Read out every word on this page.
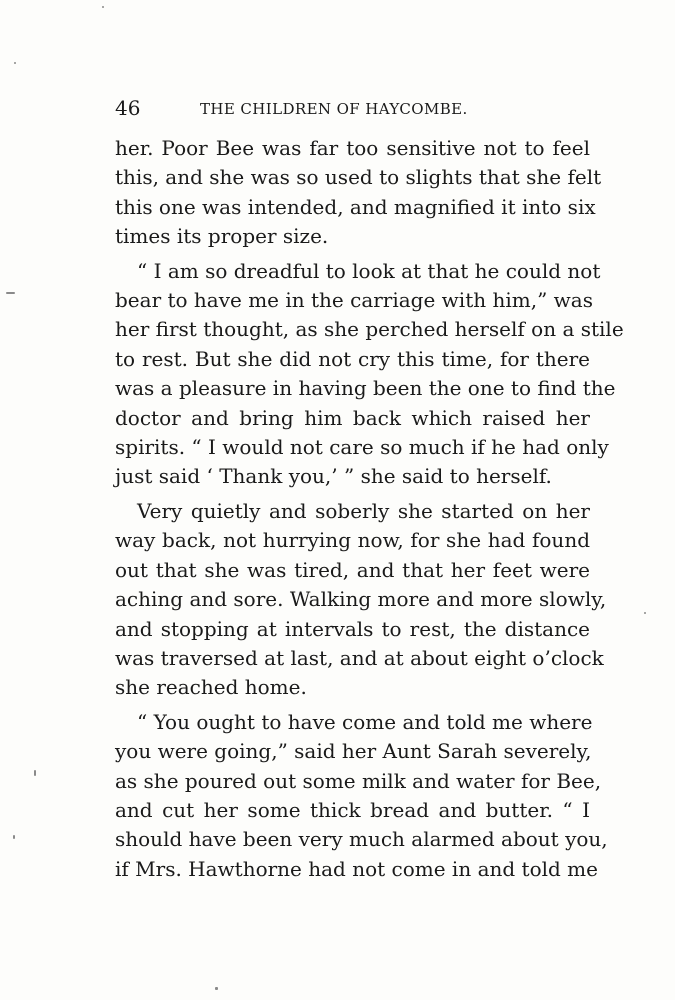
46	THE CHILDREN OF HAYCOMBE.
her. Poor Bee was far too sensitive not to feel
this, and she was so used to slights that she felt
this one was intended, and magnified it into six
times its proper size.
“ I am so dreadful to look at that he could not
bear to have me in the carriage with him,” was
her first thought, as she perched herself on a stile
to rest. But she did not cry this time, for there
was a pleasure in having been the one to find the
doctor and bring him back which raised her
spirits. “ I would not care so much if he had only
just said ‘ Thank you,’ ” she said to herself.
Very quietly and soberly she started on her
way back, not hurrying now, for she had found
out that she was tired, and that her feet were
aching and sore. Walking more and more slowly,
and stopping at intervals to rest, the distance
was traversed at last, and at about eight o’clock
she reached home.
“ You ought to have come and told me where
you were going,” said her Aunt Sarah severely,
as she poured out some milk and water for Bee,
and cut her some thick bread and butter. “ I
should have been very much alarmed about you,
if Mrs. Hawthorne had not come in and told me
